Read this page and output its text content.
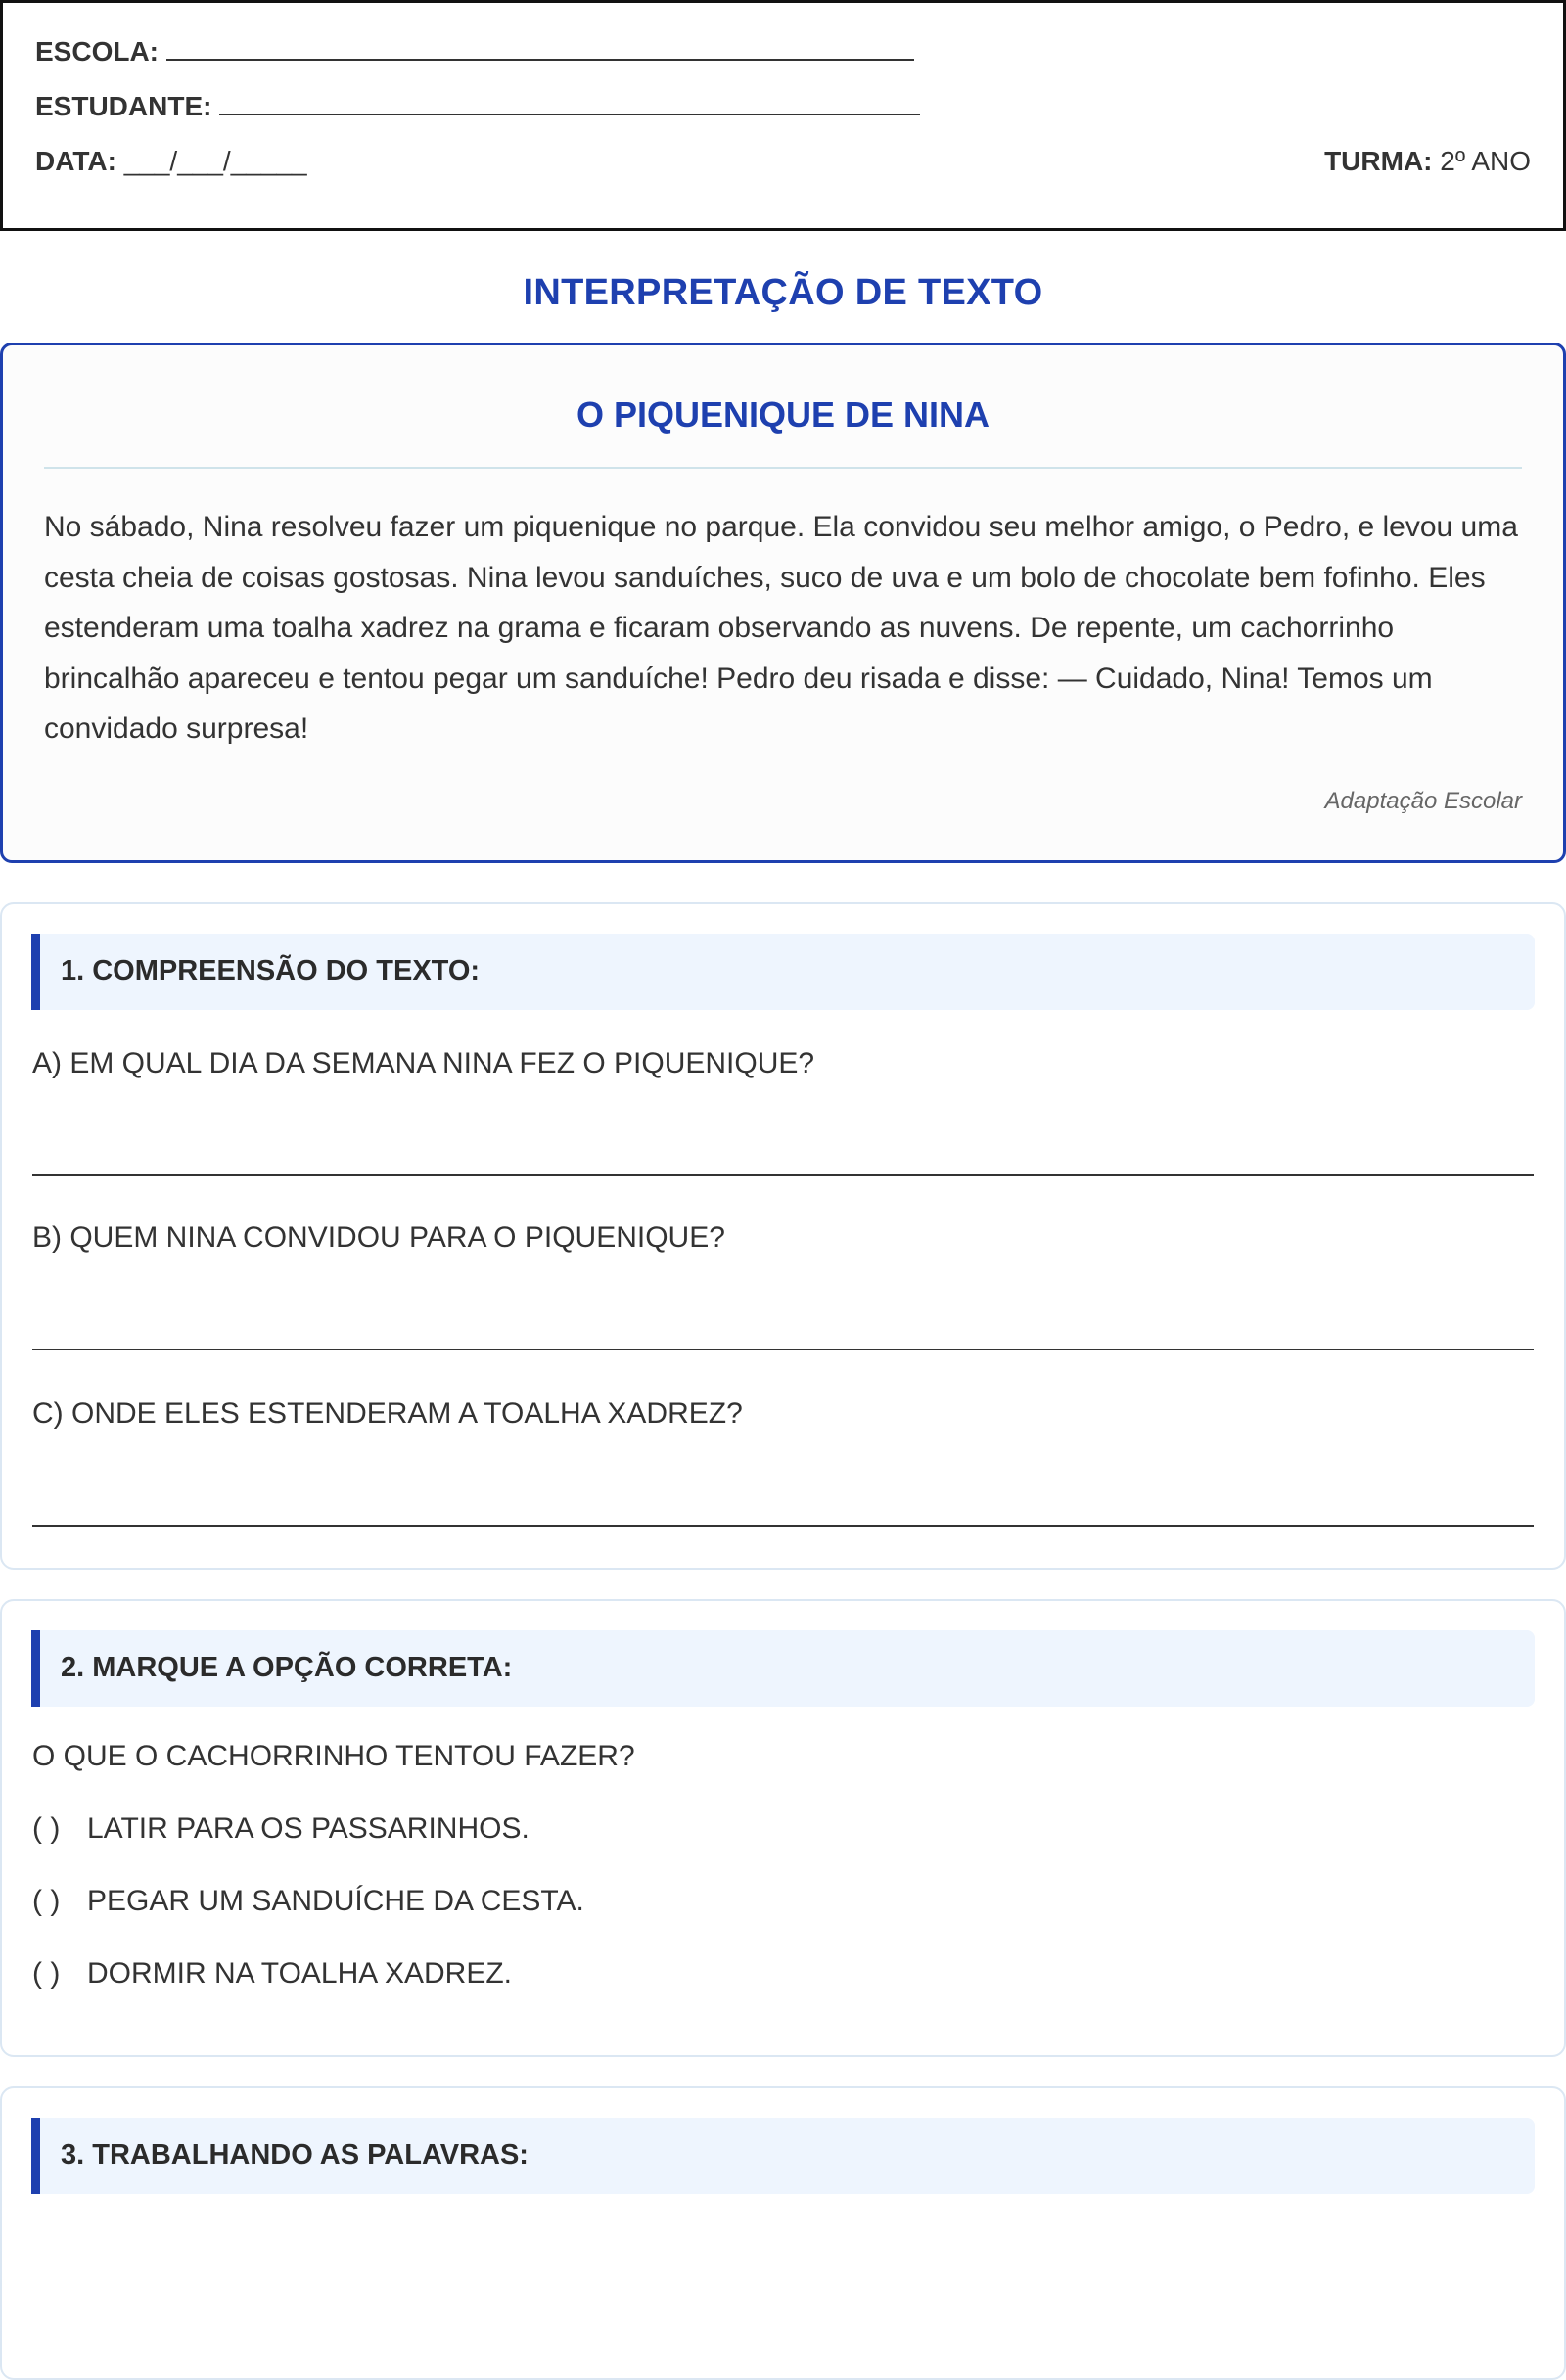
ESCOLA:
ESTUDANTE:
DATA: ___/___/_____	TURMA: 2º ANO
INTERPRETAÇÃO DE TEXTO
O PIQUENIQUE DE NINA
No sábado, Nina resolveu fazer um piquenique no parque. Ela convidou seu melhor amigo, o Pedro, e levou uma cesta cheia de coisas gostosas. Nina levou sanduíches, suco de uva e um bolo de chocolate bem fofinho. Eles estenderam uma toalha xadrez na grama e ficaram observando as nuvens. De repente, um cachorrinho brincalhão apareceu e tentou pegar um sanduíche! Pedro deu risada e disse: — Cuidado, Nina! Temos um convidado surpresa!
Adaptação Escolar
1. COMPREENSÃO DO TEXTO:
A) EM QUAL DIA DA SEMANA NINA FEZ O PIQUENIQUE?
B) QUEM NINA CONVIDOU PARA O PIQUENIQUE?
C) ONDE ELES ESTENDERAM A TOALHA XADREZ?
2. MARQUE A OPÇÃO CORRETA:
O QUE O CACHORRINHO TENTOU FAZER?
( ) LATIR PARA OS PASSARINHOS.
( ) PEGAR UM SANDUÍCHE DA CESTA.
( ) DORMIR NA TOALHA XADREZ.
3. TRABALHANDO AS PALAVRAS:
